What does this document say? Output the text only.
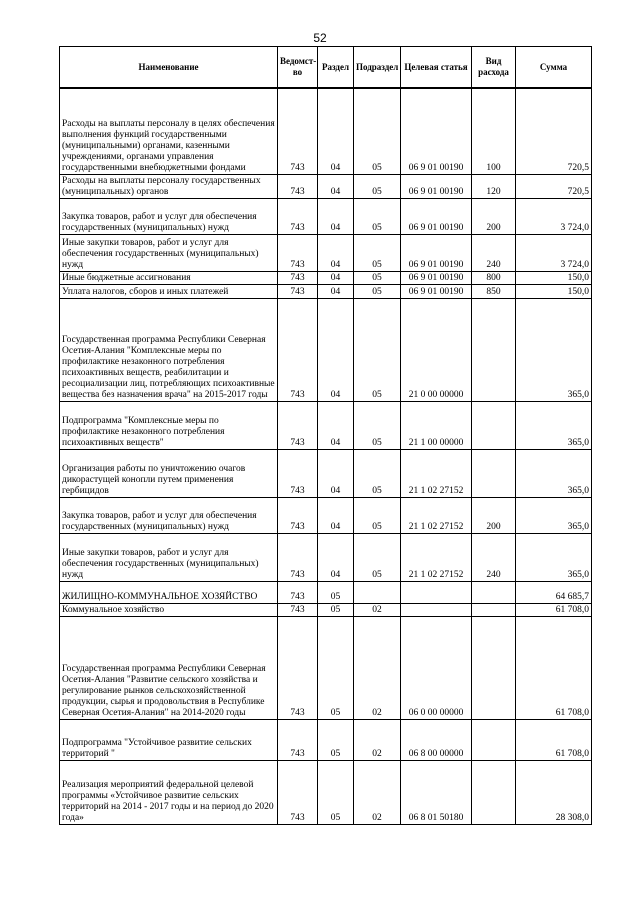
52
Наименование	Ведомст-во	Раздел	Подраздел	Целевая статья	Вид расхода	Сумма
Расходы на выплаты персоналу в целях обеспечения выполнения функций государственными (муниципальными) органами, казенными учреждениями, органами управления государственными внебюджетными фондами	743	04	05	06 9 01 00190	100	720,5
Расходы на выплаты персоналу государственных (муниципальных) органов	743	04	05	06 9 01 00190	120	720,5
Закупка товаров, работ и услуг для обеспечения государственных (муниципальных) нужд	743	04	05	06 9 01 00190	200	3 724,0
Иные закупки товаров, работ и услуг для обеспечения государственных (муниципальных) нужд	743	04	05	06 9 01 00190	240	3 724,0
Иные бюджетные ассигнования	743	04	05	06 9 01 00190	800	150,0
Уплата налогов, сборов и иных платежей	743	04	05	06 9 01 00190	850	150,0
Государственная программа Республики Северная Осетия-Алания "Комплексные меры по профилактике незаконного потребления психоактивных веществ, реабилитации и ресоциализации лиц, потребляющих психоактивные вещества без назначения врача" на 2015-2017 годы	743	04	05	21 0 00 00000		365,0
Подпрограмма "Комплексные меры по профилактике незаконного потребления психоактивных веществ"	743	04	05	21 1 00 00000		365,0
Организация работы по уничтожению очагов дикорастущей конопли путем применения гербицидов	743	04	05	21 1 02 27152		365,0
Закупка товаров, работ и услуг для обеспечения государственных (муниципальных) нужд	743	04	05	21 1 02 27152	200	365,0
Иные закупки товаров, работ и услуг для обеспечения государственных (муниципальных) нужд	743	04	05	21 1 02 27152	240	365,0
ЖИЛИЩНО-КОММУНАЛЬНОЕ ХОЗЯЙСТВО	743	05				64 685,7
Коммунальное хозяйство	743	05	02			61 708,0
Государственная программа Республики Северная Осетия-Алания "Развитие сельского хозяйства и регулирование рынков сельскохозяйственной продукции, сырья и продовольствия в Республике Северная Осетия-Алания" на 2014-2020 годы	743	05	02	06 0 00 00000		61 708,0
Подпрограмма "Устойчивое развитие сельских территорий "	743	05	02	06 8 00 00000		61 708,0
Реализация мероприятий федеральной целевой программы «Устойчивое развитие сельских территорий на 2014 - 2017 годы и на период до 2020 года»	743	05	02	06 8 01 50180		28 308,0
